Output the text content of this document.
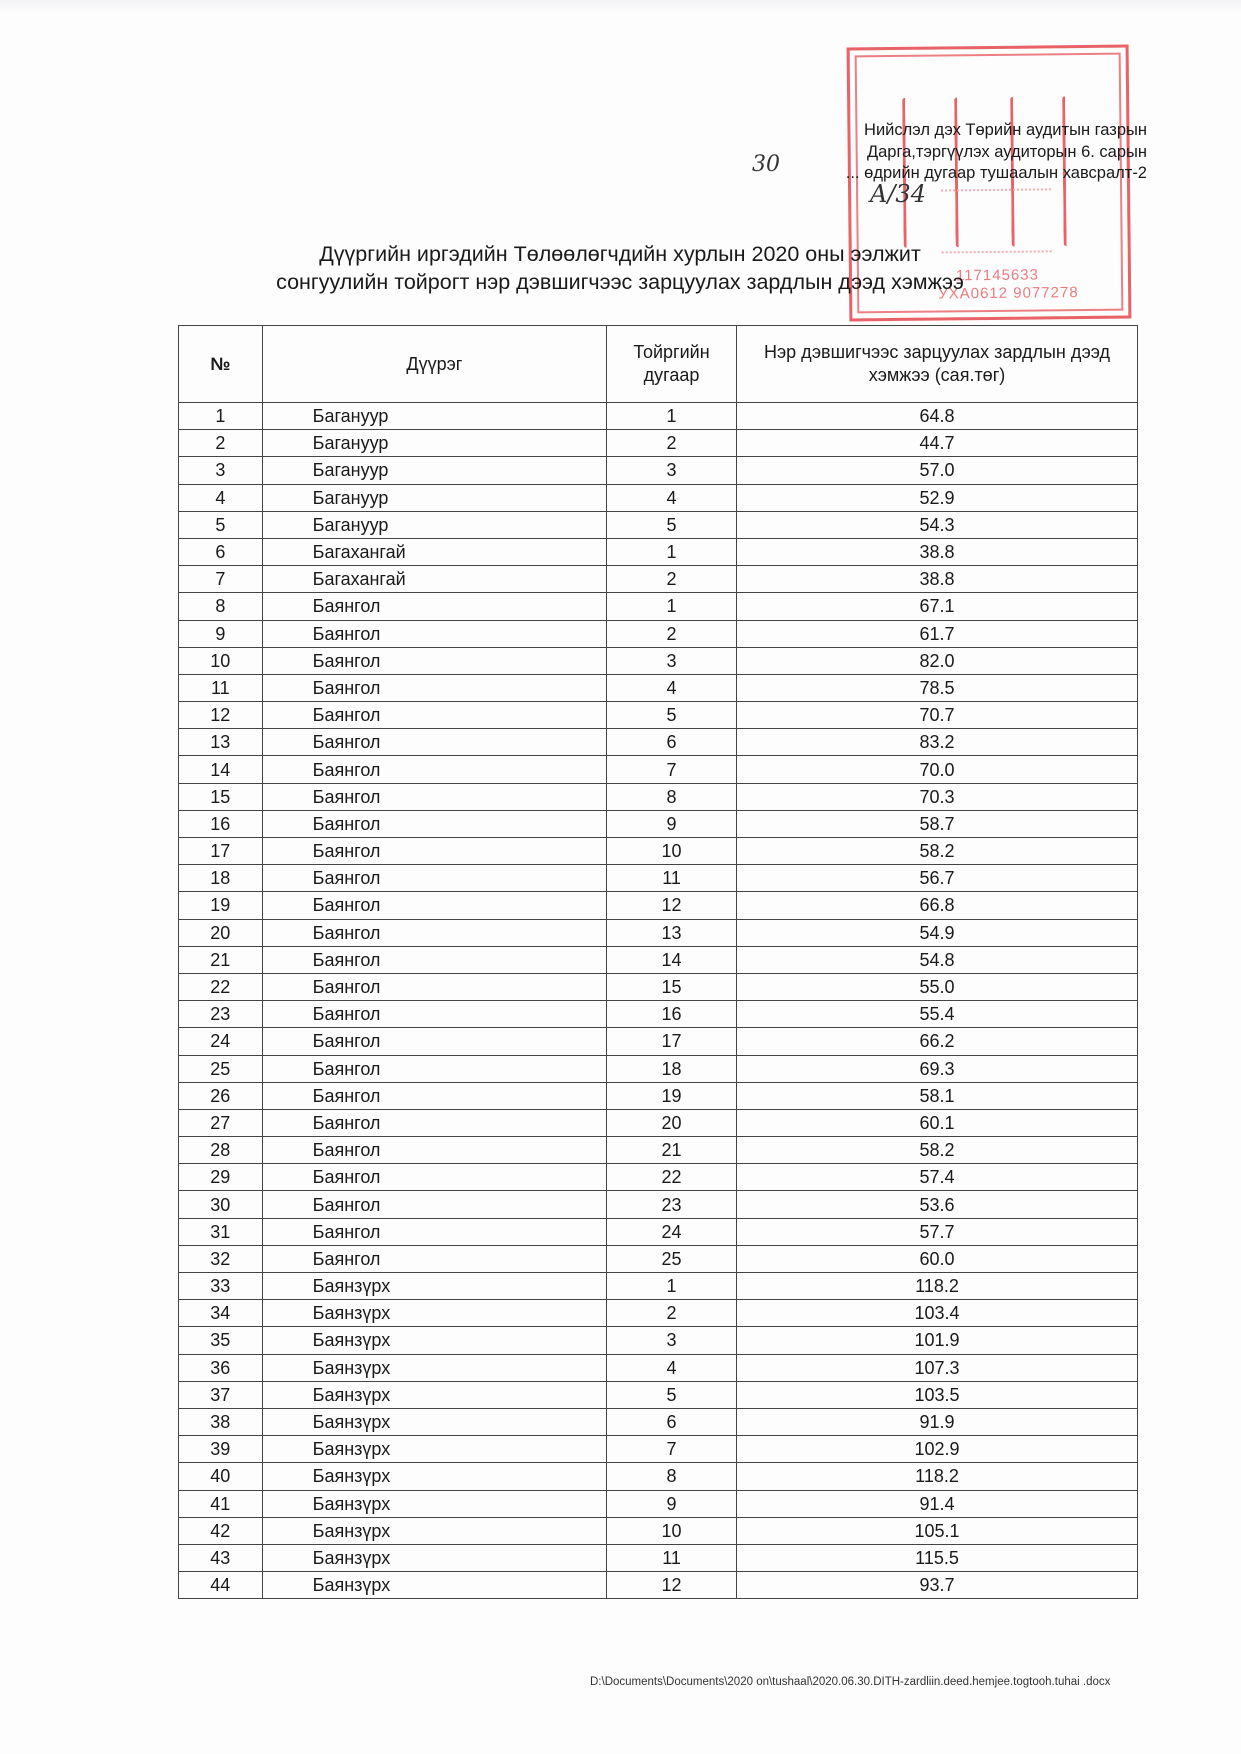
117145633
УХА0612 9077278
Нийслэл дэх Төрийн аудитын газрын
Дарга,тэргүүлэх аудиторын 6. сарын
... өдрийн дугаар тушаалын хавсралт-2
30
A/34
Дүүргийн иргэдийн Төлөөлөгчдийн хурлын 2020 оны ээлжит
сонгуулийн тойрогт нэр дэвшигчээс зарцуулах зардлын дээд хэмжээ
№	Дүүрэг	Тойргийн дугаар	Нэр дэвшигчээс зарцуулах зардлын дээд хэмжээ (сая.төг)
1	Багануур	1	64.8
2	Багануур	2	44.7
3	Багануур	3	57.0
4	Багануур	4	52.9
5	Багануур	5	54.3
6	Багахангай	1	38.8
7	Багахангай	2	38.8
8	Баянгол	1	67.1
9	Баянгол	2	61.7
10	Баянгол	3	82.0
11	Баянгол	4	78.5
12	Баянгол	5	70.7
13	Баянгол	6	83.2
14	Баянгол	7	70.0
15	Баянгол	8	70.3
16	Баянгол	9	58.7
17	Баянгол	10	58.2
18	Баянгол	11	56.7
19	Баянгол	12	66.8
20	Баянгол	13	54.9
21	Баянгол	14	54.8
22	Баянгол	15	55.0
23	Баянгол	16	55.4
24	Баянгол	17	66.2
25	Баянгол	18	69.3
26	Баянгол	19	58.1
27	Баянгол	20	60.1
28	Баянгол	21	58.2
29	Баянгол	22	57.4
30	Баянгол	23	53.6
31	Баянгол	24	57.7
32	Баянгол	25	60.0
33	Баянзүрх	1	118.2
34	Баянзүрх	2	103.4
35	Баянзүрх	3	101.9
36	Баянзүрх	4	107.3
37	Баянзүрх	5	103.5
38	Баянзүрх	6	91.9
39	Баянзүрх	7	102.9
40	Баянзүрх	8	118.2
41	Баянзүрх	9	91.4
42	Баянзүрх	10	105.1
43	Баянзүрх	11	115.5
44	Баянзүрх	12	93.7
D:\Documents\Documents\2020 on\tushaal\2020.06.30.DITH-zardliin.deed.hemjee.togtooh.tuhai .docx
